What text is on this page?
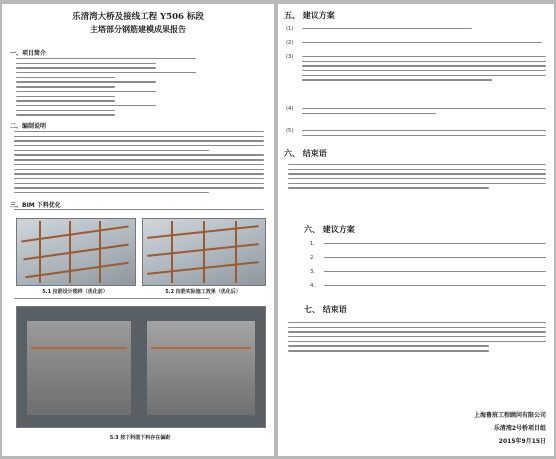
乐清湾大桥及接线工程 Y506 标段
主塔部分钢筋建模成果报告
一、项目简介
二、编制说明
三、BIM 下料优化
5.1 拉筋设计图样（优化前）	5.2 拉筋实际施工效果（优化后）
5.3 按下料图下料存在偏距
五、 建议方案
(1)
(2)
(3)
(4)
(5)
六、 结束语
六、 建议方案
1.
2.
3.
4.
七、 结束语
上海鲁班工程顾问有限公司
乐清湾2号桥项目组
2015年9月15日
